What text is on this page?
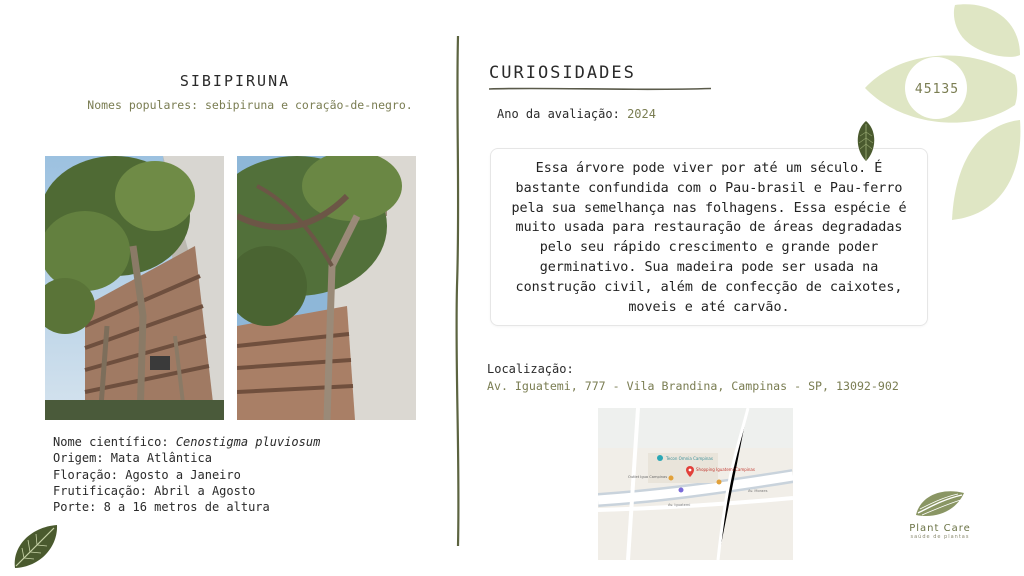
SIBIPIRUNA
Nomes populares: sebipiruna e coração-de-negro.
Nome científico: Cenostigma pluviosum
Origem: Mata Atlântica
Floração: Agosto a Janeiro
Frutificação: Abril a Agosto
Porte: 8 a 16 metros de altura
CURIOSIDADES
Ano da avaliação: 2024
Essa árvore pode viver por até um século. É bastante confundida com o Pau-brasil e Pau-ferro pela sua semelhança nas folhagens. Essa espécie é muito usada para restauração de áreas degradadas pelo seu rápido crescimento e grande poder germinativo. Sua madeira pode ser usada na construção civil, além de confecção de caixotes, moveis e até carvão.
Localização:
Av. Iguatemi, 777 - Vila Brandina, Campinas - SP, 13092-902
Tecon Omnia Campinas
Shopping Iguatemi Campinas
Outlet Igua Campinas
Av. Iguatemi
Av. Moraes
45135
Plant Care
saúde de plantas
